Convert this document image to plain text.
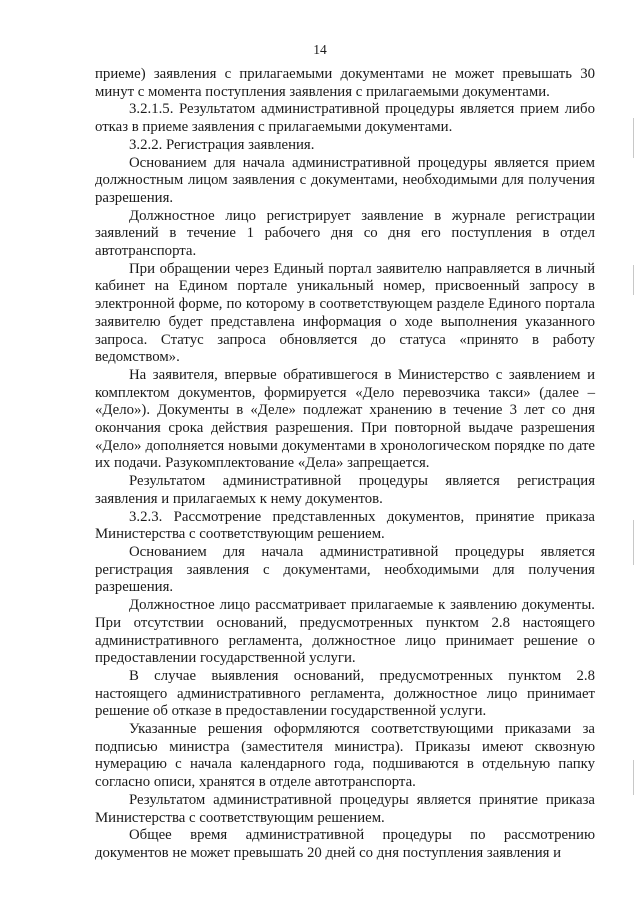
14

приеме) заявления с прилагаемыми документами не может превышать 30 минут с момента поступления заявления с прилагаемыми документами.

3.2.1.5. Результатом административной процедуры является прием либо отказ в приеме заявления с прилагаемыми документами.

3.2.2. Регистрация заявления.

Основанием для начала административной процедуры является прием должностным лицом заявления с документами, необходимыми для получения разрешения.

Должностное лицо регистрирует заявление в журнале регистрации заявлений в течение 1 рабочего дня со дня его поступления в отдел автотранспорта.

При обращении через Единый портал заявителю направляется в личный кабинет на Едином портале уникальный номер, присвоенный запросу в электронной форме, по которому в соответствующем разделе Единого портала заявителю будет представлена информация о ходе выполнения указанного запроса. Статус запроса обновляется до статуса «принято в работу ведомством».

На заявителя, впервые обратившегося в Министерство с заявлением и комплектом документов, формируется «Дело перевозчика такси» (далее – «Дело»). Документы в «Деле» подлежат хранению в течение 3 лет со дня окончания срока действия разрешения. При повторной выдаче разрешения «Дело» дополняется новыми документами в хронологическом порядке по дате их подачи. Разукомплектование «Дела» запрещается.

Результатом административной процедуры является регистрация заявления и прилагаемых к нему документов.

3.2.3. Рассмотрение представленных документов, принятие приказа Министерства с соответствующим решением.

Основанием для начала административной процедуры является регистрация заявления с документами, необходимыми для получения разрешения.

Должностное лицо рассматривает прилагаемые к заявлению документы. При отсутствии оснований, предусмотренных пунктом 2.8 настоящего административного регламента, должностное лицо принимает решение о предоставлении государственной услуги.

В случае выявления оснований, предусмотренных пунктом 2.8 настоящего административного регламента, должностное лицо принимает решение об отказе в предоставлении государственной услуги.

Указанные решения оформляются соответствующими приказами за подписью министра (заместителя министра). Приказы имеют сквозную нумерацию с начала календарного года, подшиваются в отдельную папку согласно описи, хранятся в отделе автотранспорта.

Результатом административной процедуры является принятие приказа Министерства с соответствующим решением.

Общее время административной процедуры по рассмотрению документов не может превышать 20 дней со дня поступления заявления и
